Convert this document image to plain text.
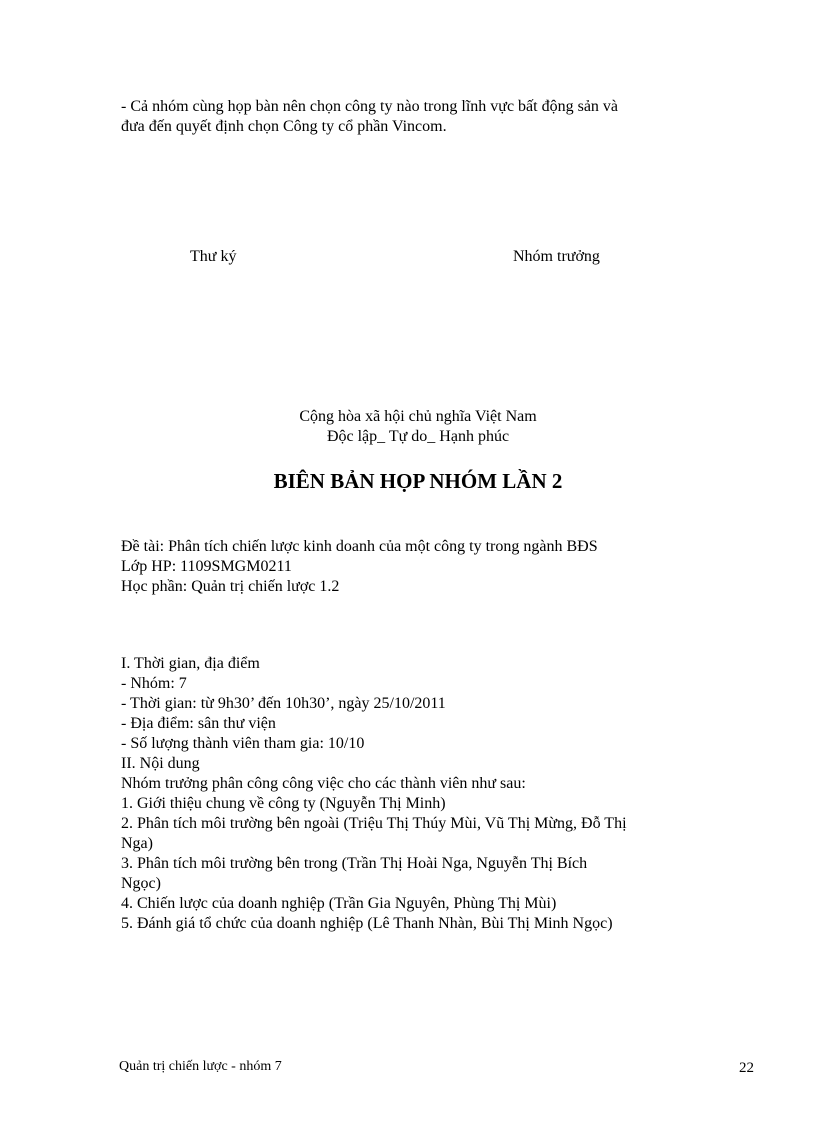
- Cả nhóm cùng họp bàn nên chọn công ty nào trong lĩnh vực bất động sản và
đưa đến quyết định chọn Công ty cổ phần Vincom.
Thư ký	Nhóm trưởng
Cộng hòa xã hội chủ nghĩa Việt Nam
Độc lập_ Tự do_ Hạnh phúc
BIÊN BẢN HỌP NHÓM LẦN 2
Đề tài: Phân tích chiến lược kinh doanh của một công ty trong ngành BĐS
Lớp HP: 1109SMGM0211
Học phần: Quản trị chiến lược 1.2
I. Thời gian, địa điểm
- Nhóm: 7
- Thời gian: từ 9h30’ đến 10h30’, ngày 25/10/2011
- Địa điểm: sân thư viện
- Số lượng thành viên tham gia: 10/10
II. Nội dung
Nhóm trưởng phân công công việc cho các thành viên như sau:
1. Giới thiệu chung về công ty (Nguyễn Thị Minh)
2. Phân tích môi trường bên ngoài (Triệu Thị Thúy Mùi, Vũ Thị Mừng, Đỗ Thị
Nga)
3. Phân tích môi trường bên trong (Trần Thị Hoài Nga, Nguyễn Thị Bích
Ngọc)
4. Chiến lược của doanh nghiệp (Trần Gia Nguyên, Phùng Thị Mùi)
5. Đánh giá tổ chức của doanh nghiệp (Lê Thanh Nhàn, Bùi Thị Minh Ngọc)
Quản trị chiến lược - nhóm 7	22
